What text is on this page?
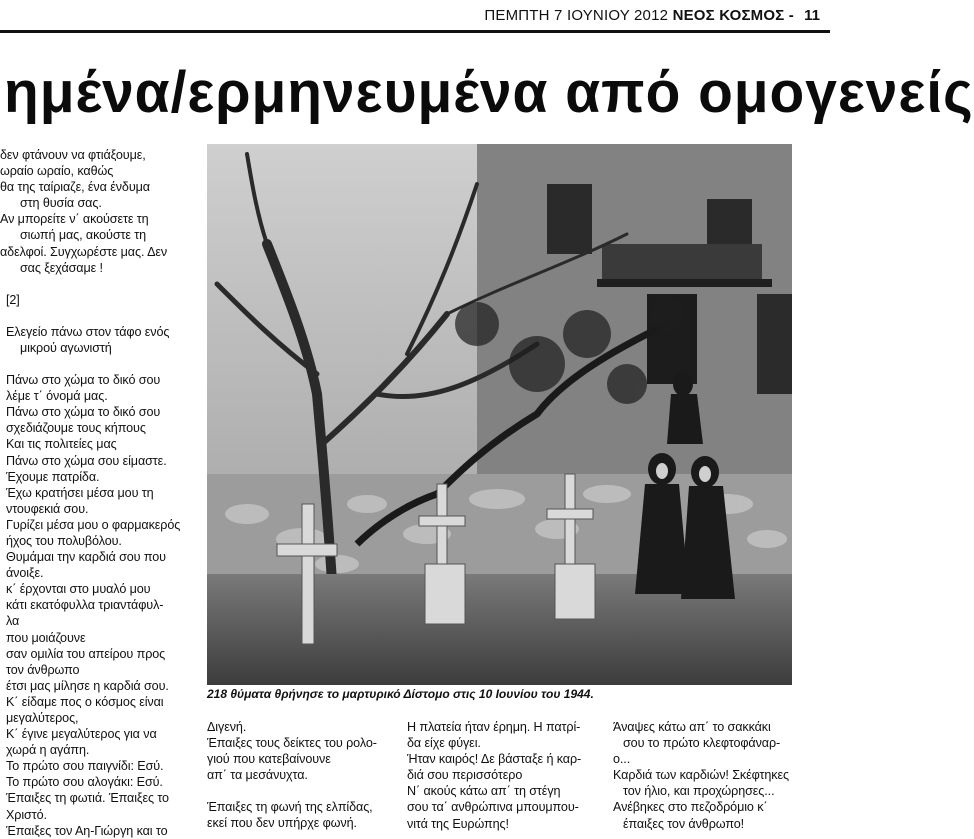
ΠΕΜΠΤΗ 7 ΙΟΥΝΙΟΥ 2012 ΝΕΟΣ ΚΟΣΜΟΣ - 11
ημένα/ερμηνευμένα από ομογενείς

δεν φτάνουν να φτιάξουμε,

ωραίο ωραίο, καθώς

θα της ταίριαζε, ένα ένδυμα

στη θυσία σας.

Αν μπορείτε ν΄ ακούσετε τη

σιωπή μας, ακούστε τη

αδελφοί. Συγχωρέστε μας. Δεν

σας ξεχάσαμε !

[2]

Ελεγείο πάνω στον τάφο ενός

μικρού αγωνιστή

Πάνω στο χώμα το δικό σου

λέμε τ΄ όνομά μας.

Πάνω στο χώμα το δικό σου

σχεδιάζουμε τους κήπους

Και τις πολιτείες μας

Πάνω στο χώμα σου είμαστε.

Έχουμε πατρίδα.

Έχω κρατήσει μέσα μου τη

ντουφεκιά σου.

Γυρίζει μέσα μου ο φαρμακερός

ήχος του πολυβόλου.

Θυμάμαι την καρδιά σου που

άνοιξε.

κ΄ έρχονται στο μυαλό μου

κάτι εκατόφυλλα τριαντάφυλ-

λα

που μοιάζουνε

σαν ομιλία του απείρου προς

τον άνθρωπο

έτσι μας μίλησε η καρδιά σου.

Κ΄ είδαμε πος ο κόσμος είναι

μεγαλύτερος,

Κ΄ έγινε μεγαλύτερος για να

χωρά η αγάπη.

Το πρώτο σου παιγνίδι: Εσύ.

Το πρώτο σου αλογάκι: Εσύ.

Έπαιξες τη φωτιά. Έπαιξες το

Χριστό.

Έπαιξες τον Αη-Γιώργη και το

218 θύματα θρήνησε το μαρτυρικό Δίστομο στις 10 Ιουνίου του 1944.

Διγενή.

Έπαιξες τους δείκτες του ρολο-

γιού που κατεβαίνουνε

απ΄ τα μεσάνυχτα.

Έπαιξες τη φωνή της ελπίδας,

εκεί που δεν υπήρχε φωνή.

Η πλατεία ήταν έρημη. Η πατρί-

δα είχε φύγει.

Ήταν καιρός! Δε βάσταξε ή καρ-

διά σου περισσότερο

Ν΄ ακούς κάτω απ΄ τη στέγη

σου τα΄ ανθρώπινα μπουμπου-

νιτά της Ευρώπης!

Άναψες κάτω απ΄ το σακκάκι

σου το πρώτο κλεφτοφάναρ-

ο...

Καρδιά των καρδιών! Σκέφτηκες

τον ήλιο, και προχώρησες...

Ανέβηκες στο πεζοδρόμιο κ΄

έπαιξες τον άνθρωπο!
